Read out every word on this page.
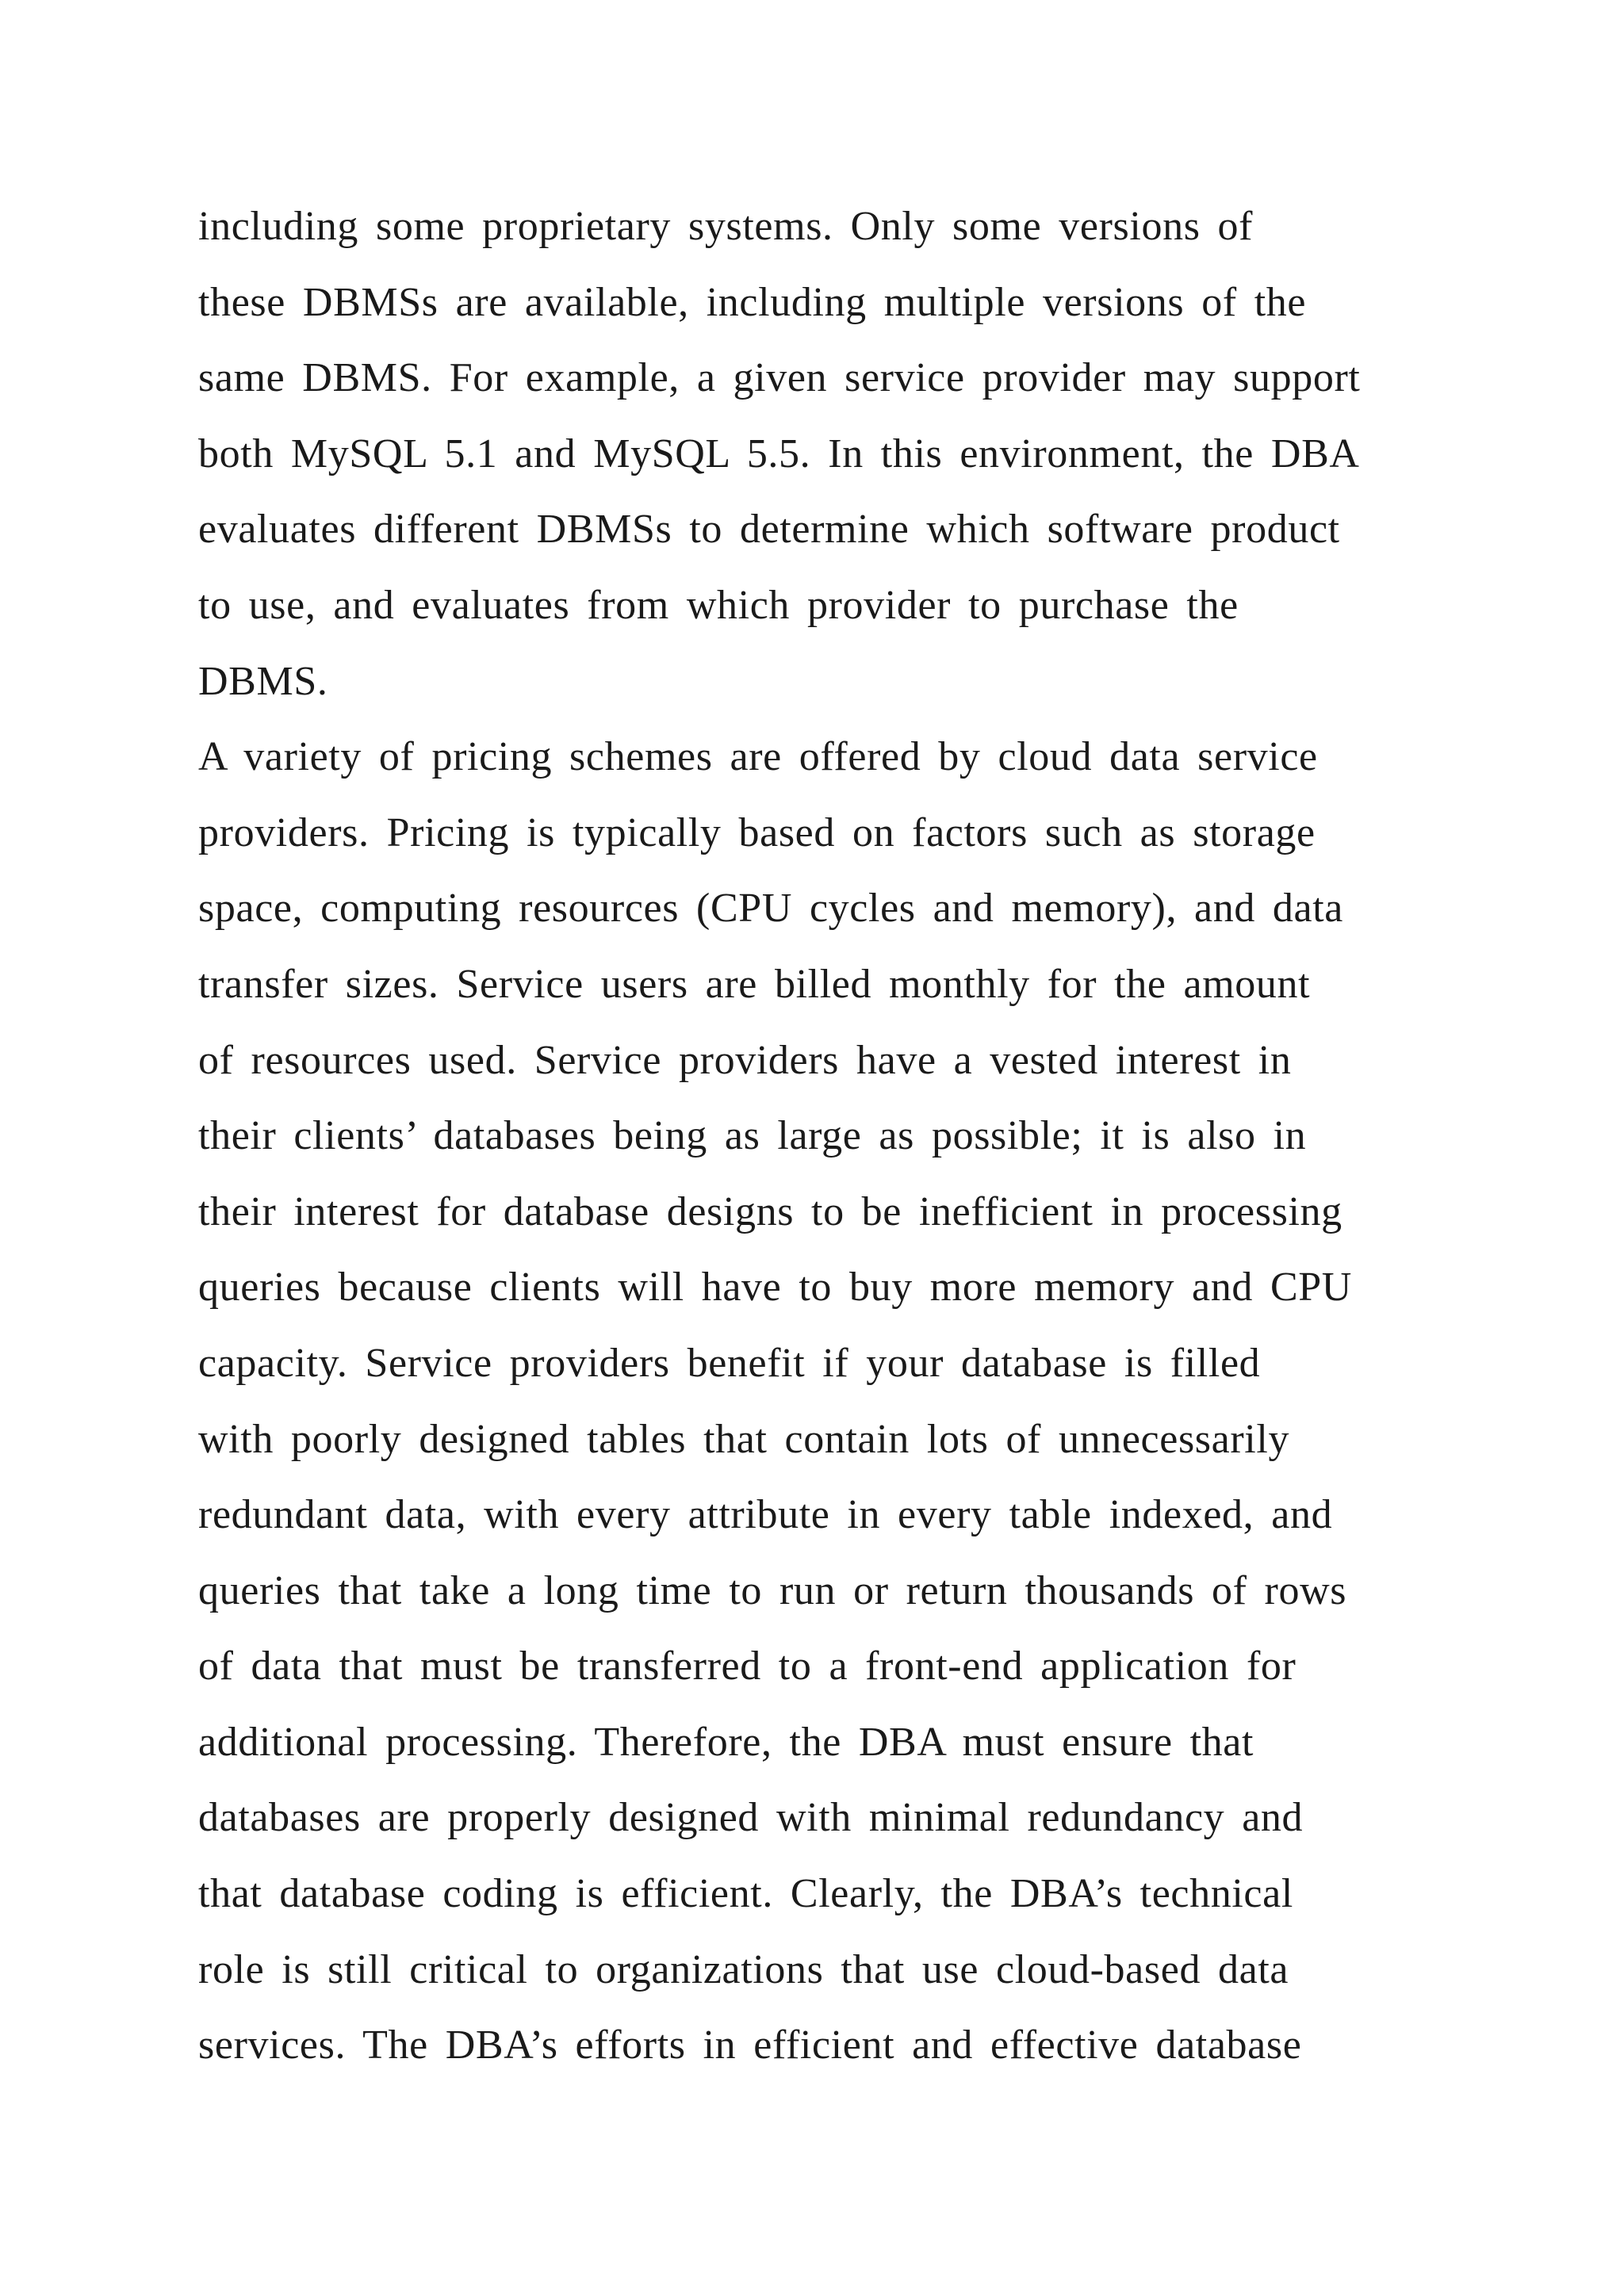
including some proprietary systems. Only some versions of
these DBMSs are available, including multiple versions of the
same DBMS. For example, a given service provider may support
both MySQL 5.1 and MySQL 5.5. In this environment, the DBA
evaluates different DBMSs to determine which software product
to use, and evaluates from which provider to purchase the
DBMS.
A variety of pricing schemes are offered by cloud data service
providers. Pricing is typically based on factors such as storage
space, computing resources (CPU cycles and memory), and data
transfer sizes. Service users are billed monthly for the amount
of resources used. Service providers have a vested interest in
their clients’ databases being as large as possible; it is also in
their interest for database designs to be inefficient in processing
queries because clients will have to buy more memory and CPU
capacity. Service providers benefit if your database is filled
with poorly designed tables that contain lots of unnecessarily
redundant data, with every attribute in every table indexed, and
queries that take a long time to run or return thousands of rows
of data that must be transferred to a front-end application for
additional processing. Therefore, the DBA must ensure that
databases are properly designed with minimal redundancy and
that database coding is efficient. Clearly, the DBA’s technical
role is still critical to organizations that use cloud-based data
services. The DBA’s efforts in efficient and effective database
